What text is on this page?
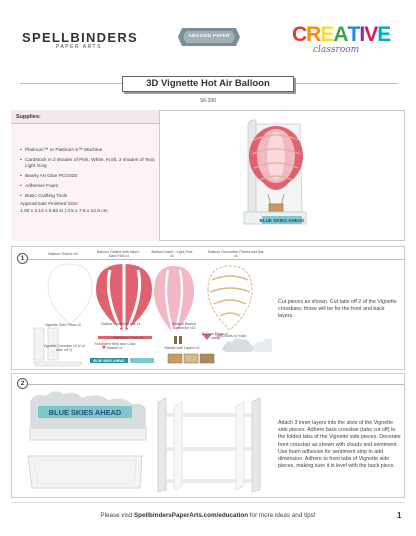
SPELLBINDERS
PAPER ARTS
AMAZING PAPER	CREATIVE
classroom
3D Vignette Hot Air Balloon
S6-200
Supplies:
• Platinum™ or Platinum 6™ Machine
• Cardstock in 2 shades of Pink, White, Kraft, 2 shades of Teal, Light Gray
• Bearly Art Glue PCG02E
• Adhesive Foam
• Basic Crafting Tools
Approximate Finished Size:
1.30 x 3.10 x 5.80 in | 3.5 x 7.9 x 14.8 cm
BLUE SKIES AHEAD
1
Balloon Outline x5	Balloon Outline with Insert - Dark Pink x1
Balloon Insert - Light Pink x1
Balloon Decorative Pieces and Bar x1
BLUE SKIES AHEAD
Vignette Side Piece x2	Balloon Stabilizer Bar x1	Balloon Basket Connector x10
Balloon Flags x2 each
Separator Circle x4
Sentiment Strip and Color Basket x1
Vignette Crossbar x3 (Cut tabs off 2)	Basket with Layers x3
Clouds x2 each
Cut pieces as shown. Cut tabs off 2 of the Vignette crossbars; those will be for the front and back layers.
2
BLUE SKIES AHEAD
Attach 3 inner layers into the slots of the Vignette side pieces. Adhere back crossbar (tabs cut off) to the folded tabs of the Vignette side pieces. Decorate front crossbar as shown with clouds and sentiment. Use foam adhesive for sentiment strip to add dimension. Adhere to front tabs of Vignette side pieces, making sure it is level with the back piece.
Please visit SpellbindersPaperArts.com/education for more ideas and tips!	1
